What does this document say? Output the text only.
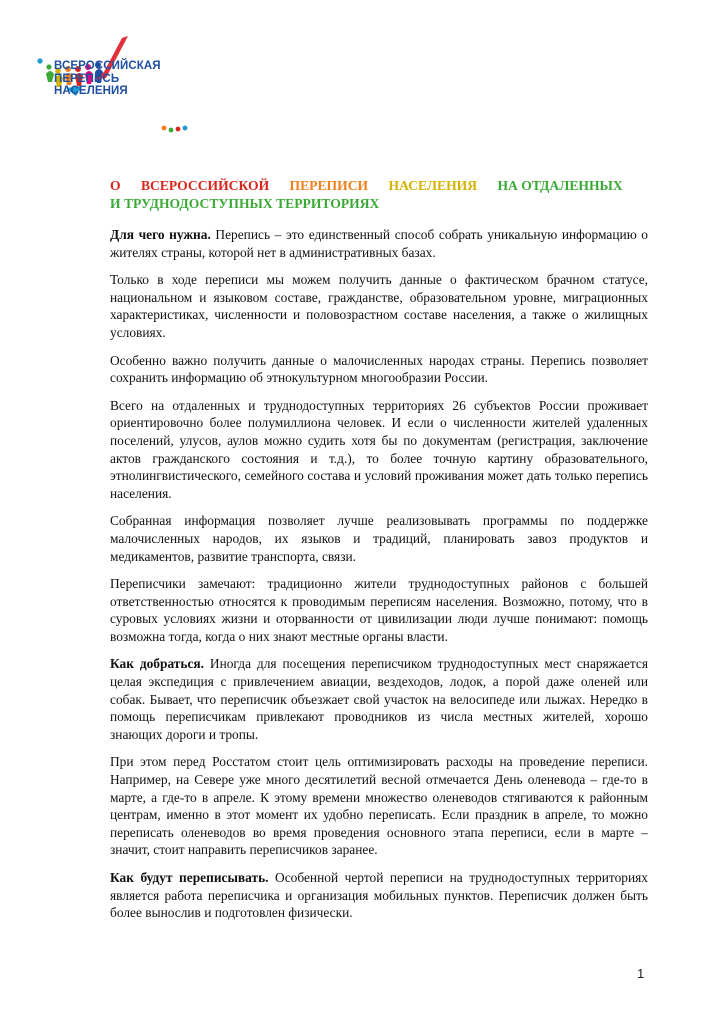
ВСЕРОССИЙСКАЯ
ПЕРЕПИСЬ
НАСЕЛЕНИЯ
О ВСЕРОССИЙСКОЙ ПЕРЕПИСИ НАСЕЛЕНИЯ НА ОТДАЛЕННЫХ
И ТРУДНОДОСТУПНЫХ ТЕРРИТОРИЯХ

Для чего нужна. Перепись – это единственный способ собрать уникальную информацию о жителях страны, которой нет в административных базах.

Только в ходе переписи мы можем получить данные о фактическом брачном статусе, национальном и языковом составе, гражданстве, образовательном уровне, миграционных характеристиках, численности и половозрастном составе населения, а также о жилищных условиях.

Особенно важно получить данные о малочисленных народах страны. Перепись позволяет сохранить информацию об этнокультурном многообразии России.

Всего на отдаленных и труднодоступных территориях 26 субъектов России проживает ориентировочно более полумиллиона человек. И если о численности жителей удаленных поселений, улусов, аулов можно судить хотя бы по документам (регистрация, заключение актов гражданского состояния и т.д.), то более точную картину образовательного, этнолингвистического, семейного состава и условий проживания может дать только перепись населения.

Собранная информация позволяет лучше реализовывать программы по поддержке малочисленных народов, их языков и традиций, планировать завоз продуктов и медикаментов, развитие транспорта, связи.

Переписчики замечают: традиционно жители труднодоступных районов с большей ответственностью относятся к проводимым переписям населения. Возможно, потому, что в суровых условиях жизни и оторванности от цивилизации люди лучше понимают: помощь возможна тогда, когда о них знают местные органы власти.

Как добраться. Иногда для посещения переписчиком труднодоступных мест снаряжается целая экспедиция с привлечением авиации, вездеходов, лодок, а порой даже оленей или собак. Бывает, что переписчик объезжает свой участок на велосипеде или лыжах. Нередко в помощь переписчикам привлекают проводников из числа местных жителей, хорошо знающих дороги и тропы.

При этом перед Росстатом стоит цель оптимизировать расходы на проведение переписи. Например, на Севере уже много десятилетий весной отмечается День оленевода – где-то в марте, а где-то в апреле. К этому времени множество оленеводов стягиваются к районным центрам, именно в этот момент их удобно переписать. Если праздник в апреле, то можно переписать оленеводов во время проведения основного этапа переписи, если в марте – значит, стоит направить переписчиков заранее.

Как будут переписывать. Особенной чертой переписи на труднодоступных территориях является работа переписчика и организация мобильных пунктов. Переписчик должен быть более вынослив и подготовлен физически.

1
